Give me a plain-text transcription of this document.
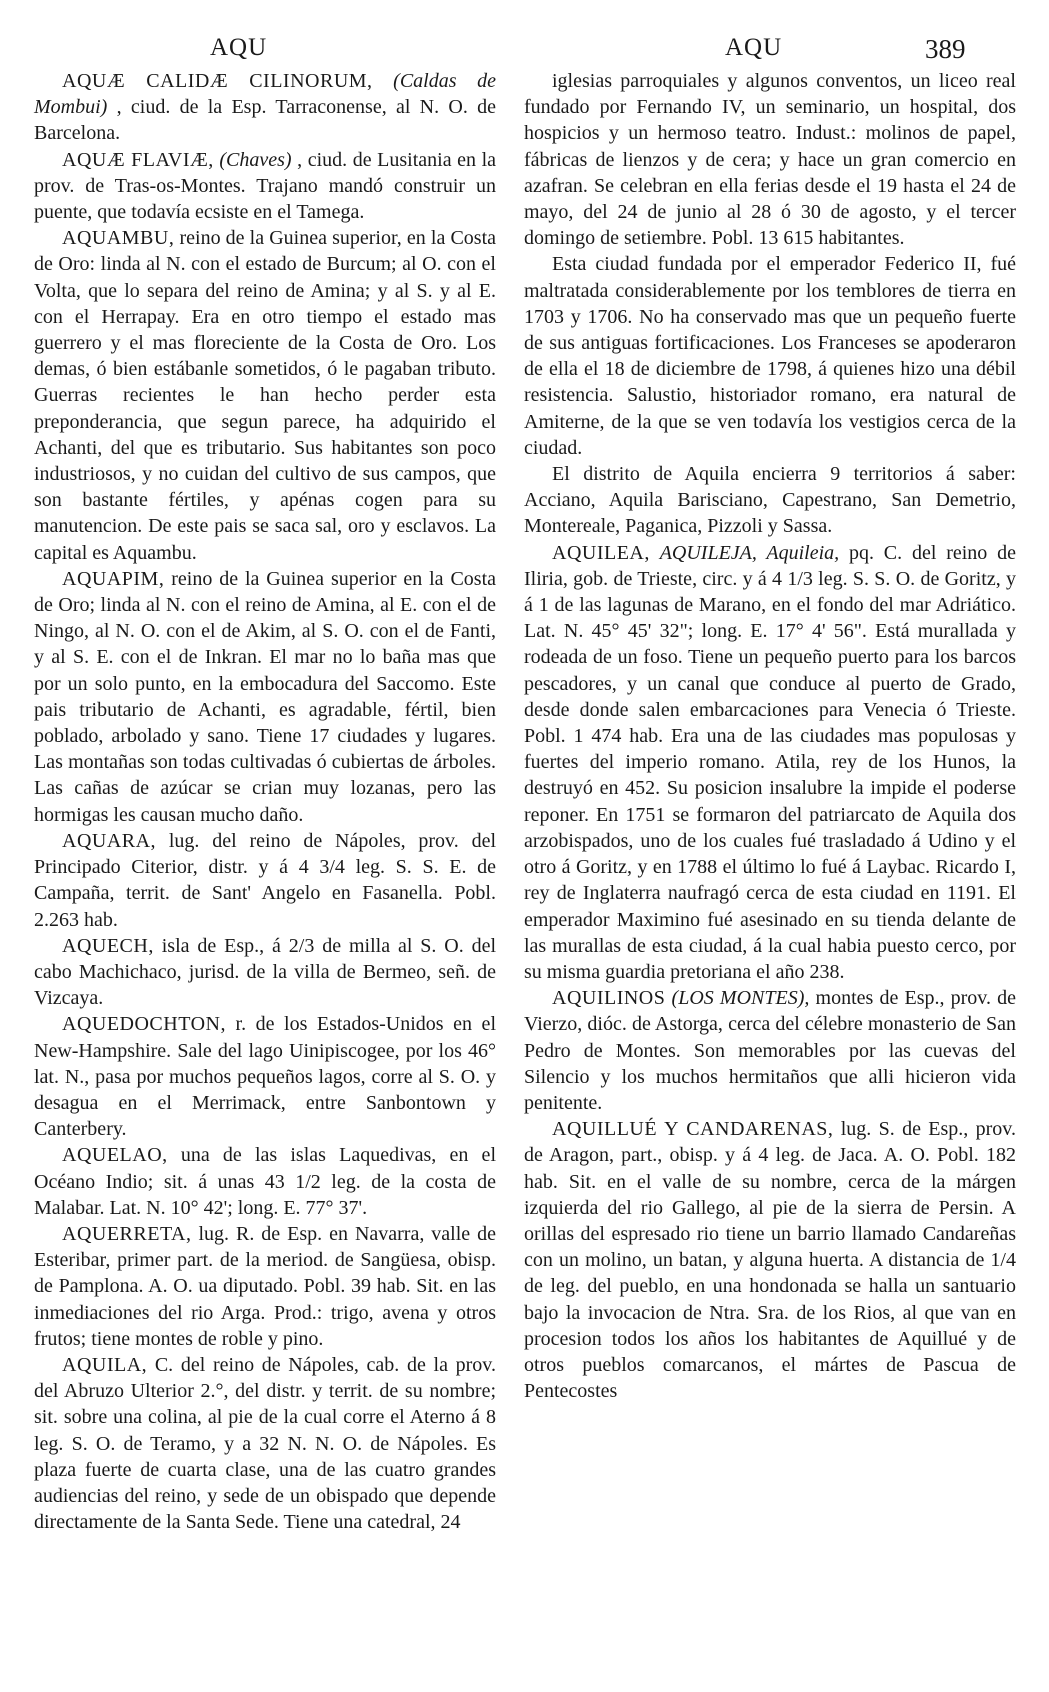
AQU	AQU	389

AQUÆ CALIDÆ CILINORUM, (Caldas de Mombui) , ciud. de la Esp. Tarraconense, al N. O. de Barcelona.

AQUÆ FLAVIÆ, (Chaves) , ciud. de Lusitania en la prov. de Tras-os-Montes. Trajano mandó construir un puente, que todavía ecsiste en el Tamega.

AQUAMBU, reino de la Guinea superior, en la Costa de Oro: linda al N. con el estado de Burcum; al O. con el Volta, que lo separa del reino de Amina; y al S. y al E. con el Herrapay. Era en otro tiempo el estado mas guerrero y el mas floreciente de la Costa de Oro. Los demas, ó bien estábanle sometidos, ó le pagaban tributo. Guerras recientes le han hecho perder esta preponderancia, que segun parece, ha adquirido el Achanti, del que es tributario. Sus habitantes son poco industriosos, y no cuidan del cultivo de sus campos, que son bastante fértiles, y apénas cogen para su manutencion. De este pais se saca sal, oro y esclavos. La capital es Aquambu.

AQUAPIM, reino de la Guinea superior en la Costa de Oro; linda al N. con el reino de Amina, al E. con el de Ningo, al N. O. con el de Akim, al S. O. con el de Fanti, y al S. E. con el de Inkran. El mar no lo baña mas que por un solo punto, en la embocadura del Saccomo. Este pais tributario de Achanti, es agradable, fértil, bien poblado, arbolado y sano. Tiene 17 ciudades y lugares. Las montañas son todas cultivadas ó cubiertas de árboles. Las cañas de azúcar se crian muy lozanas, pero las hormigas les causan mucho daño.

AQUARA, lug. del reino de Nápoles, prov. del Principado Citerior, distr. y á 4 3/4 leg. S. S. E. de Campaña, territ. de Sant' Angelo en Fasanella. Pobl. 2.263 hab.

AQUECH, isla de Esp., á 2/3 de milla al S. O. del cabo Machichaco, jurisd. de la villa de Bermeo, señ. de Vizcaya.

AQUEDOCHTON, r. de los Estados-Unidos en el New-Hampshire. Sale del lago Uinipiscogee, por los 46° lat. N., pasa por muchos pequeños lagos, corre al S. O. y desagua en el Merrimack, entre Sanbontown y Canterbery.

AQUELAO, una de las islas Laquedivas, en el Océano Indio; sit. á unas 43 1/2 leg. de la costa de Malabar. Lat. N. 10° 42'; long. E. 77° 37'.

AQUERRETA, lug. R. de Esp. en Navarra, valle de Esteribar, primer part. de la meriod. de Sangüesa, obisp. de Pamplona. A. O. ua diputado. Pobl. 39 hab. Sit. en las inmediaciones del rio Arga. Prod.: trigo, avena y otros frutos; tiene montes de roble y pino.

AQUILA, C. del reino de Nápoles, cab. de la prov. del Abruzo Ulterior 2.°, del distr. y territ. de su nombre; sit. sobre una colina, al pie de la cual corre el Aterno á 8 leg. S. O. de Teramo, y a 32 N. N. O. de Nápoles. Es plaza fuerte de cuarta clase, una de las cuatro grandes audiencias del reino, y sede de un obispado que depende directamente de la Santa Sede. Tiene una catedral, 24

iglesias parroquiales y algunos conventos, un liceo real fundado por Fernando IV, un seminario, un hospital, dos hospicios y un hermoso teatro. Indust.: molinos de papel, fábricas de lienzos y de cera; y hace un gran comercio en azafran. Se celebran en ella ferias desde el 19 hasta el 24 de mayo, del 24 de junio al 28 ó 30 de agosto, y el tercer domingo de setiembre. Pobl. 13 615 habitantes.

Esta ciudad fundada por el emperador Federico II, fué maltratada considerablemente por los temblores de tierra en 1703 y 1706. No ha conservado mas que un pequeño fuerte de sus antiguas fortificaciones. Los Franceses se apoderaron de ella el 18 de diciembre de 1798, á quienes hizo una débil resistencia. Salustio, historiador romano, era natural de Amiterne, de la que se ven todavía los vestigios cerca de la ciudad.

El distrito de Aquila encierra 9 territorios á saber: Acciano, Aquila Barisciano, Capestrano, San Demetrio, Montereale, Paganica, Pizzoli y Sassa.

AQUILEA, AQUILEJA, Aquileia, pq. C. del reino de Iliria, gob. de Trieste, circ. y á 4 1/3 leg. S. S. O. de Goritz, y á 1 de las lagunas de Marano, en el fondo del mar Adriático. Lat. N. 45° 45' 32"; long. E. 17° 4' 56". Está murallada y rodeada de un foso. Tiene un pequeño puerto para los barcos pescadores, y un canal que conduce al puerto de Grado, desde donde salen embarcaciones para Venecia ó Trieste. Pobl. 1 474 hab. Era una de las ciudades mas populosas y fuertes del imperio romano. Atila, rey de los Hunos, la destruyó en 452. Su posicion insalubre la impide el poderse reponer. En 1751 se formaron del patriarcato de Aquila dos arzobispados, uno de los cuales fué trasladado á Udino y el otro á Goritz, y en 1788 el último lo fué á Laybac. Ricardo I, rey de Inglaterra naufragó cerca de esta ciudad en 1191. El emperador Maximino fué asesinado en su tienda delante de las murallas de esta ciudad, á la cual habia puesto cerco, por su misma guardia pretoriana el año 238.

AQUILINOS (LOS MONTES), montes de Esp., prov. de Vierzo, dióc. de Astorga, cerca del célebre monasterio de San Pedro de Montes. Son memorables por las cuevas del Silencio y los muchos hermitaños que alli hicieron vida penitente.

AQUILLUÉ Y CANDARENAS, lug. S. de Esp., prov. de Aragon, part., obisp. y á 4 leg. de Jaca. A. O. Pobl. 182 hab. Sit. en el valle de su nombre, cerca de la márgen izquierda del rio Gallego, al pie de la sierra de Persin. A orillas del espresado rio tiene un barrio llamado Candareñas con un molino, un batan, y alguna huerta. A distancia de 1/4 de leg. del pueblo, en una hondonada se halla un santuario bajo la invocacion de Ntra. Sra. de los Rios, al que van en procesion todos los años los habitantes de Aquillué y de otros pueblos comarcanos, el mártes de Pascua de Pentecostes
